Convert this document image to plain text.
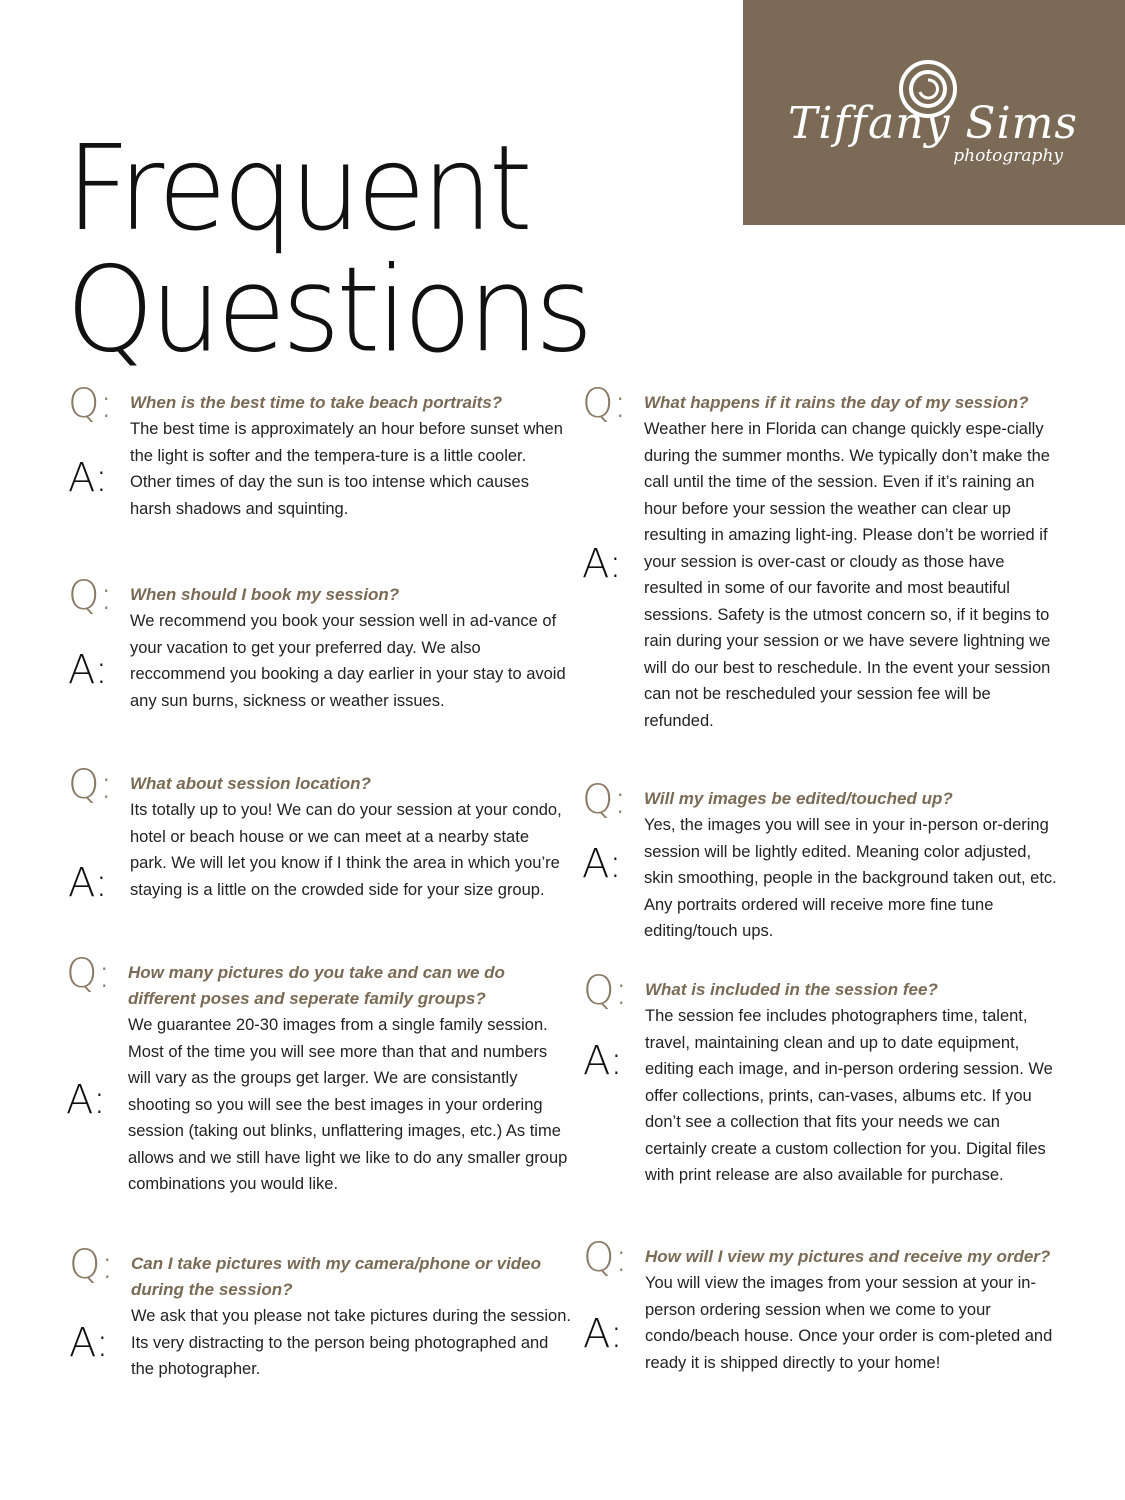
Tiffany Sims
photography
Frequent
Questions
Q:
A:

When is the best time to take beach portraits?

The best time is approximately an hour before sunset when the light is softer and the tempera-ture is a little cooler. Other times of day the sun is too intense which causes harsh shadows and squinting.

Q:
A:

When should I book my session?

We recommend you book your session well in ad-vance of your vacation to get your preferred day. We also reccommend you booking a day earlier in your stay to avoid any sun burns, sickness or weather issues.

Q:
A:

What about session location?

Its totally up to you! We can do your session at your condo, hotel or beach house or we can meet at a nearby state park. We will let you know if I think the area in which you’re staying is a little on the crowded side for your size group.

Q:
A:

How many pictures do you take and can we do different poses and seperate family groups?

We guarantee 20-30 images from a single family session. Most of the time you will see more than that and numbers will vary as the groups get larger. We are consistantly shooting so you will see the best images in your ordering session (taking out blinks, unflattering images, etc.) As time allows and we still have light we like to do any smaller group combinations you would like.

Q:
A:

Can I take pictures with my camera/phone or video during the session?

We ask that you please not take pictures during the session. Its very distracting to the person being photographed and the photographer.

Q:
A:

What happens if it rains the day of my session?

Weather here in Florida can change quickly espe-cially during the summer months. We typically don’t make the call until the time of the session. Even if it’s raining an hour before your session the weather can clear up resulting in amazing light-ing. Please don’t be worried if your session is over-cast or cloudy as those have resulted in some of our favorite and most beautiful sessions. Safety is the utmost concern so, if it begins to rain during your session or we have severe lightning we will do our best to reschedule. In the event your session can not be rescheduled your session fee will be refunded.

Q:
A:

Will my images be edited/touched up?

Yes, the images you will see in your in-person or-dering session will be lightly edited. Meaning color adjusted, skin smoothing, people in the background taken out, etc. Any portraits ordered will receive more fine tune editing/touch ups.

Q:
A:

What is included in the session fee?

The session fee includes photographers time, talent, travel, maintaining clean and up to date equipment, editing each image, and in-person ordering session. We offer collections, prints, can-vases, albums etc. If you don’t see a collection that fits your needs we can certainly create a custom collection for you. Digital files with print release are also available for purchase.

Q:
A:

How will I view my pictures and receive my order?

You will view the images from your session at your in-person ordering session when we come to your condo/beach house. Once your order is com-pleted and ready it is shipped directly to your home!
